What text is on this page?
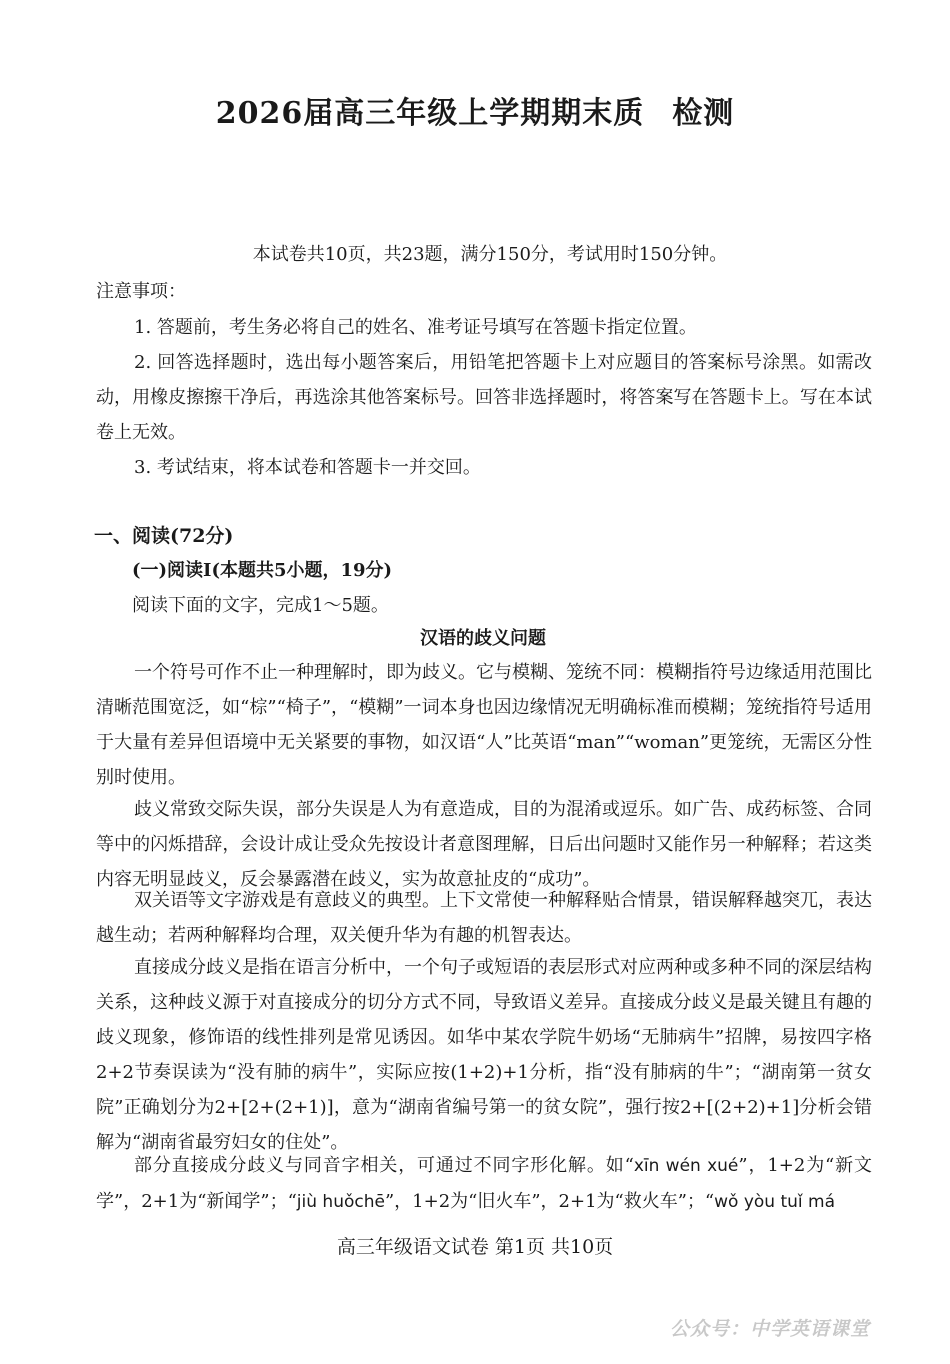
2026届高三年级上学期期末质 检测
本试卷共10页，共23题，满分150分，考试用时150分钟。
注意事项：

1. 答题前，考生务必将自己的姓名、准考证号填写在答题卡指定位置。

2. 回答选择题时，选出每小题答案后，用铅笔把答题卡上对应题目的答案标号涂黑。如需改动，用橡皮擦擦干净后，再选涂其他答案标号。回答非选择题时，将答案写在答题卡上。写在本试卷上无效。

3. 考试结束，将本试卷和答题卡一并交回。

一、阅读(72分)
(一)阅读Ⅰ(本题共5小题，19分)
阅读下面的文字，完成1～5题。
汉语的歧义问题

一个符号可作不止一种理解时，即为歧义。它与模糊、笼统不同：模糊指符号边缘适用范围比清晰范围宽泛，如“棕”“椅子”，“模糊”一词本身也因边缘情况无明确标准而模糊；笼统指符号适用于大量有差异但语境中无关紧要的事物，如汉语“人”比英语“man”“woman”更笼统，无需区分性别时使用。

歧义常致交际失误，部分失误是人为有意造成，目的为混淆或逗乐。如广告、成药标签、合同等中的闪烁措辞，会设计成让受众先按设计者意图理解，日后出问题时又能作另一种解释；若这类内容无明显歧义，反会暴露潜在歧义，实为故意扯皮的“成功”。

双关语等文字游戏是有意歧义的典型。上下文常使一种解释贴合情景，错误解释越突兀，表达越生动；若两种解释均合理，双关便升华为有趣的机智表达。

直接成分歧义是指在语言分析中，一个句子或短语的表层形式对应两种或多种不同的深层结构关系，这种歧义源于对直接成分的切分方式不同，导致语义差异。直接成分歧义是最关键且有趣的歧义现象，修饰语的线性排列是常见诱因。如华中某农学院牛奶场“无肺病牛”招牌，易按四字格2+2节奏误读为“没有肺的病牛”，实际应按(1+2)+1分析，指“没有肺病的牛”；“湖南第一贫女院”正确划分为2+[2+(2+1)]，意为“湖南省编号第一的贫女院”，强行按2+[(2+2)+1]分析会错解为“湖南省最穷妇女的住处”。

部分直接成分歧义与同音字相关，可通过不同字形化解。如“xīn wén xué”，1+2为“新文学”，2+1为“新闻学”；“jiù huǒchē”，1+2为“旧火车”，2+1为“救火车”；“wǒ yòu tuǐ má

高三年级语文试卷 第1页 共10页
公众号：中学英语课堂
